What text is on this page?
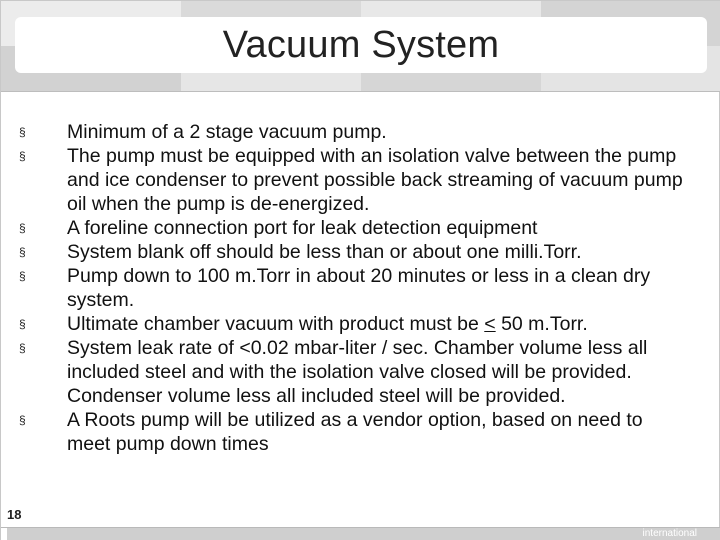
Vacuum System
§	Minimum of a 2 stage vacuum pump.
§	The pump must be equipped with an isolation valve between the pump and ice condenser to prevent possible back streaming of vacuum pump oil when the pump is de-energized.
§	A foreline connection port for leak detection equipment
§	System blank off should be less than or about one milli.Torr.
§	Pump down to 100 m.Torr in about 20 minutes or less in a clean dry system.
§	Ultimate chamber vacuum with product must be < 50 m.Torr.
§	System leak rate of <0.02 mbar-liter / sec. Chamber volume less all included steel and with the isolation valve closed will be provided. Condenser volume less all included steel will be provided.
§	A Roots pump will be utilized as a vendor option, based on need to meet pump down times
18
international
